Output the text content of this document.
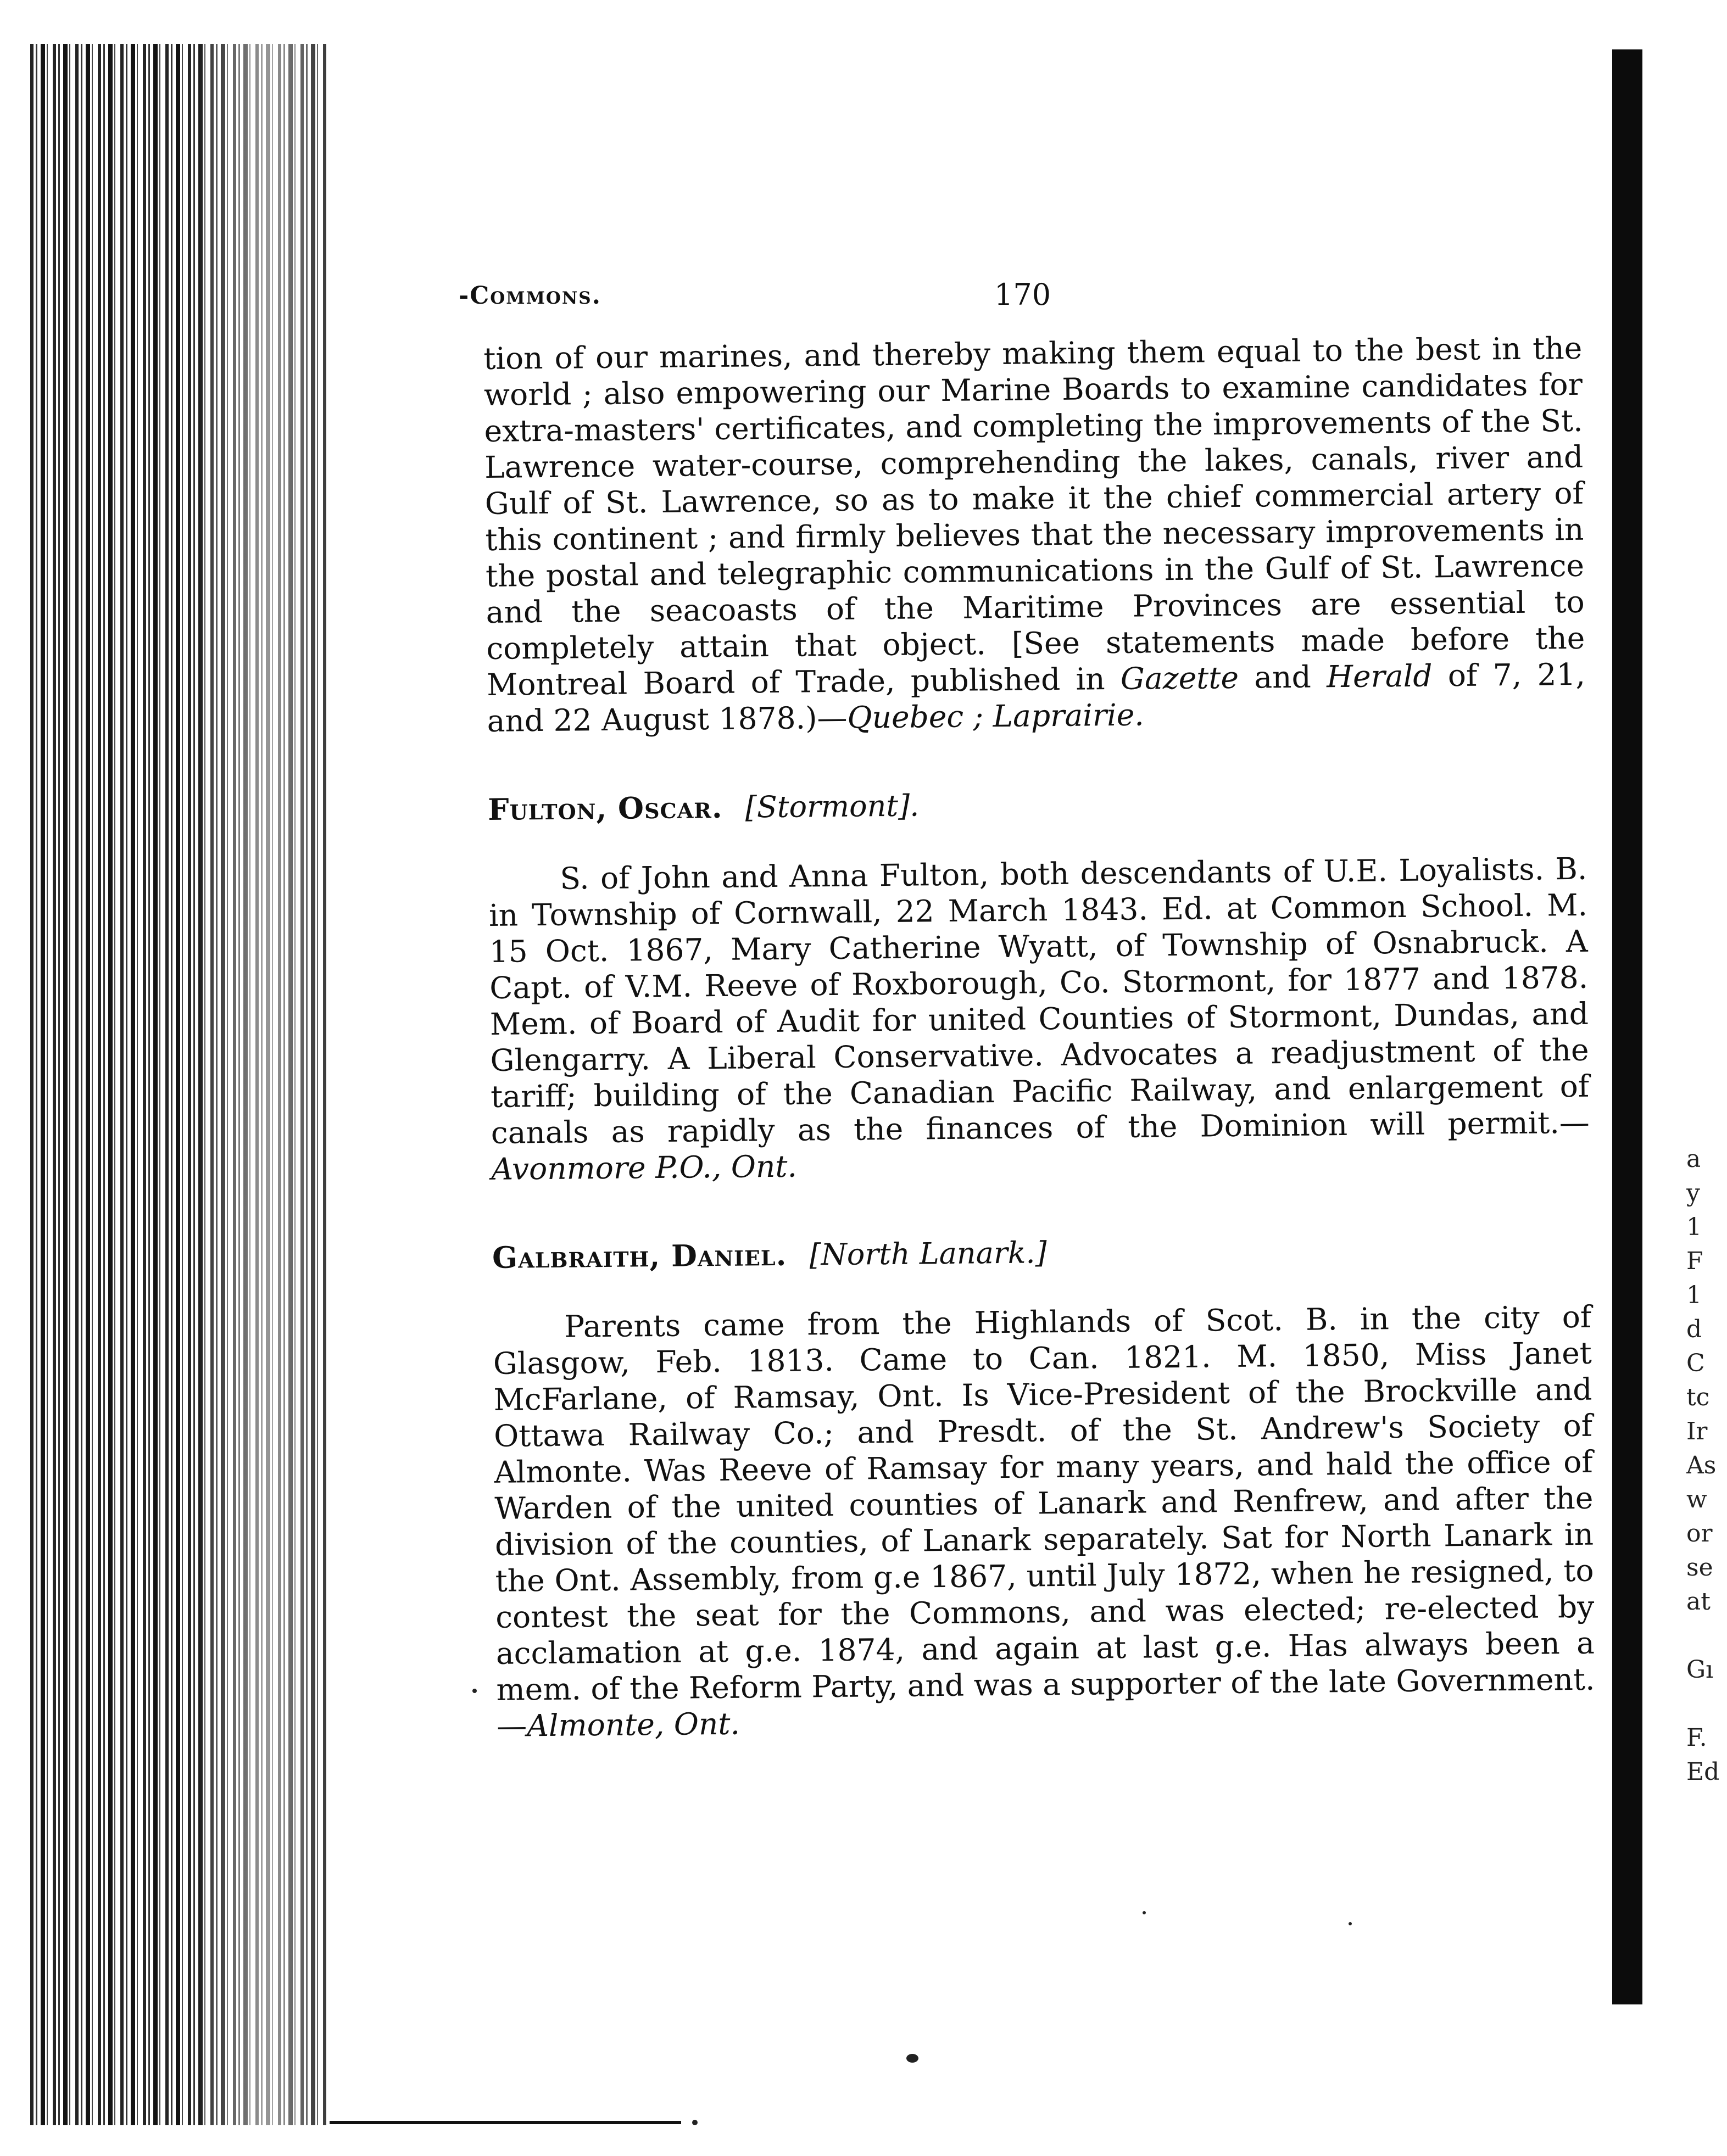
a
y
1
F
1
d
C
tc
Ir
As
w
or
se
at
Gı
F.
Ed
-Commons.	170

tion of our marines, and thereby making them equal to the best in the world ; also empowering our Marine Boards to examine candidates for extra-masters' certificates, and completing the improvements of the St. Lawrence water-course, comprehending the lakes, canals, river and Gulf of St. Lawrence, so as to make it the chief commercial artery of this continent ; and firmly believes that the necessary improvements in the postal and telegraphic communications in the Gulf of St. Lawrence and the seacoasts of the Maritime Provinces are essential to completely attain that object. [See statements made before the Montreal Board of Trade, published in Gazette and Herald of 7, 21, and 22 August 1878.)—Quebec ; Laprairie.

Fulton, Oscar. [Stormont].

S. of John and Anna Fulton, both descendants of U.E. Loyalists. B. in Township of Cornwall, 22 March 1843. Ed. at Common School. M. 15 Oct. 1867, Mary Catherine Wyatt, of Township of Osnabruck. A Capt. of V.M. Reeve of Roxborough, Co. Stormont, for 1877 and 1878. Mem. of Board of Audit for united Counties of Stormont, Dundas, and Glengarry. A Liberal Conservative. Advocates a readjustment of the tariff; building of the Canadian Pacific Railway, and enlargement of canals as rapidly as the finances of the Dominion will permit.—Avonmore P.O., Ont.

Galbraith, Daniel. [North Lanark.]

Parents came from the Highlands of Scot. B. in the city of Glasgow, Feb. 1813. Came to Can. 1821. M. 1850, Miss Janet McFarlane, of Ramsay, Ont. Is Vice-President of the Brockville and Ottawa Railway Co.; and Presdt. of the St. Andrew's Society of Almonte. Was Reeve of Ramsay for many years, and hald the office of Warden of the united counties of Lanark and Renfrew, and after the division of the counties, of Lanark separately. Sat for North Lanark in the Ont. Assembly, from g.e 1867, until July 1872, when he resigned, to contest the seat for the Commons, and was elected; re-elected by acclamation at g.e. 1874, and again at last g.e. Has always been a mem. of the Reform Party, and was a supporter of the late Government.—Almonte, Ont.
